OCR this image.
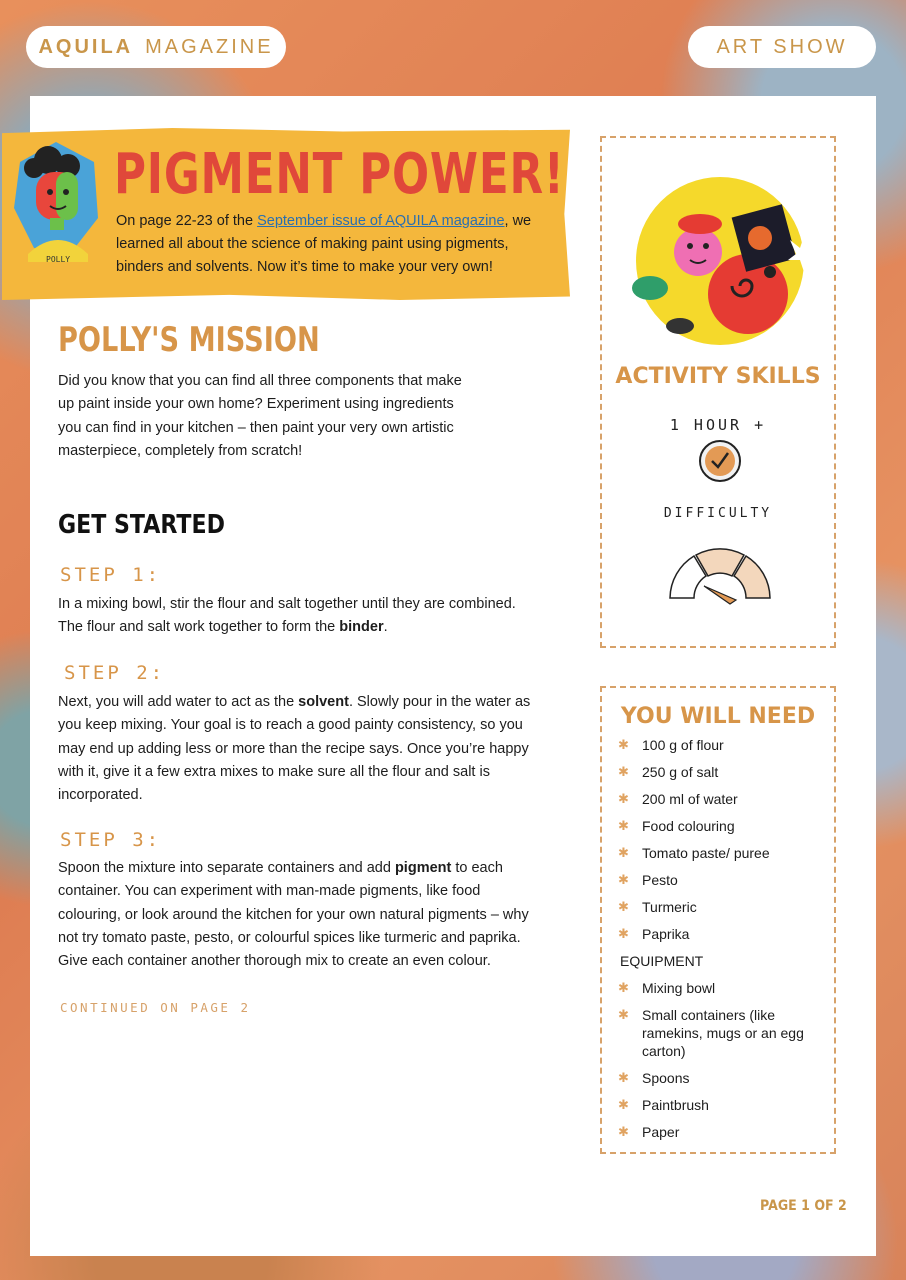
AQUILA MAGAZINE	ART SHOW
POLLY
PIGMENT POWER!
On page 22-23 of the September issue of AQUILA magazine, we learned all about the science of making paint using pigments, binders and solvents. Now it’s time to make your very own!
POLLY'S MISSION
Did you know that you can find all three components that make up paint inside your own home? Experiment using ingredients you can find in your kitchen – then paint your very own artistic masterpiece, completely from scratch!
GET STARTED
STEP 1:
In a mixing bowl, stir the flour and salt together until they are combined. The flour and salt work together to form the binder.
STEP 2:
Next, you will add water to act as the solvent. Slowly pour in the water as you keep mixing. Your goal is to reach a good painty consistency, so you may end up adding less or more than the recipe says. Once you’re happy with it, give it a few extra mixes to make sure all the flour and salt is incorporated.
STEP 3:
Spoon the mixture into separate containers and add pigment to each container. You can experiment with man-made pigments, like food colouring, or look around the kitchen for your own natural pigments – why not try tomato paste, pesto, or colourful spices like turmeric and paprika. Give each container another thorough mix to create an even colour.
CONTINUED ON PAGE 2
ACTIVITY SKILLS
1 HOUR +
DIFFICULTY
YOU WILL NEED
✱ 100 g of flour
✱ 250 g of salt
✱ 200 ml of water
✱ Food colouring
✱ Tomato paste/ puree
✱ Pesto
✱ Turmeric
✱ Paprika
EQUIPMENT
✱ Mixing bowl
✱ Small containers (like ramekins, mugs or an egg carton)
✱ Spoons
✱ Paintbrush
✱ Paper
PAGE 1 OF 2
